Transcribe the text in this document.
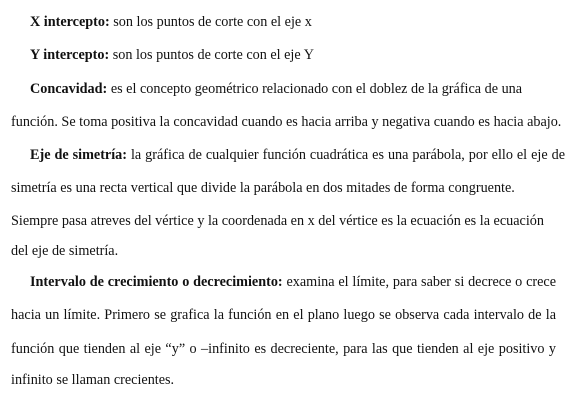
X intercepto: son los puntos de corte con el eje x
Y intercepto: son los puntos de corte con el eje Y
Concavidad: es el concepto geométrico relacionado con el doblez de la gráfica de una
función. Se toma positiva la concavidad cuando es hacia arriba y negativa cuando es hacia abajo.
Eje de simetría: la gráfica de cualquier función cuadrática es una parábola, por ello el eje de
simetría es una recta vertical que divide la parábola en dos mitades de forma congruente.
Siempre pasa atreves del vértice y la coordenada en x del vértice es la ecuación es la ecuación
del eje de simetría.
Intervalo de crecimiento o decrecimiento: examina el límite, para saber si decrece o crece
hacia un límite. Primero se grafica la función en el plano luego se observa cada intervalo de la
función que tienden al eje “y” o –infinito es decreciente, para las que tienden al eje positivo y
infinito se llaman crecientes.
